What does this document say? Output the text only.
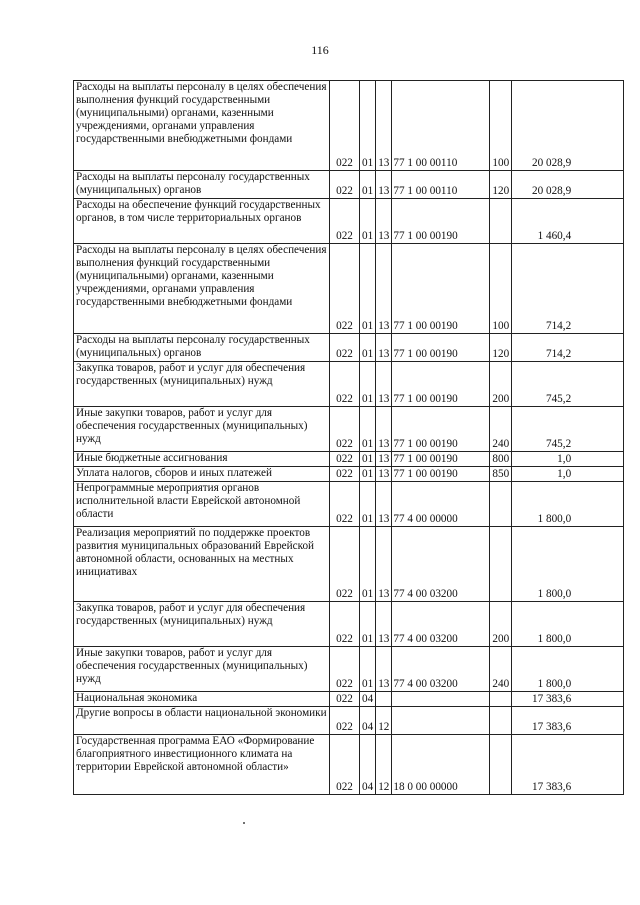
116
Расходы на выплаты персоналу в целях обеспечения выполнения функций государственными (муниципальными) органами, казенными учреждениями, органами управления государственными внебюджетными фондами	022	01	13	77 1 00 00110	100	20 028,9
Расходы на выплаты персоналу государственных (муниципальных) органов	022	01	13	77 1 00 00110	120	20 028,9
Расходы на обеспечение функций государственных органов, в том числе территориальных органов	022	01	13	77 1 00 00190		1 460,4
Расходы на выплаты персоналу в целях обеспечения выполнения функций государственными (муниципальными) органами, казенными учреждениями, органами управления государственными внебюджетными фондами	022	01	13	77 1 00 00190	100	714,2
Расходы на выплаты персоналу государственных (муниципальных) органов	022	01	13	77 1 00 00190	120	714,2
Закупка товаров, работ и услуг для обеспечения государственных (муниципальных) нужд	022	01	13	77 1 00 00190	200	745,2
Иные закупки товаров, работ и услуг для обеспечения государственных (муниципальных) нужд	022	01	13	77 1 00 00190	240	745,2
Иные бюджетные ассигнования	022	01	13	77 1 00 00190	800	1,0
Уплата налогов, сборов и иных платежей	022	01	13	77 1 00 00190	850	1,0
Непрограммные мероприятия органов исполнительной власти Еврейской автономной области	022	01	13	77 4 00 00000		1 800,0
Реализация мероприятий по поддержке проектов развития муниципальных образований Еврейской автономной области, основанных на местных инициативах	022	01	13	77 4 00 03200		1 800,0
Закупка товаров, работ и услуг для обеспечения государственных (муниципальных) нужд	022	01	13	77 4 00 03200	200	1 800,0
Иные закупки товаров, работ и услуг для обеспечения государственных (муниципальных) нужд	022	01	13	77 4 00 03200	240	1 800,0
Национальная экономика	022	04				17 383,6
Другие вопросы в области национальной экономики	022	04	12			17 383,6
Государственная программа ЕАО «Формирование благоприятного инвестиционного климата на территории Еврейской автономной области»	022	04	12	18 0 00 00000		17 383,6
